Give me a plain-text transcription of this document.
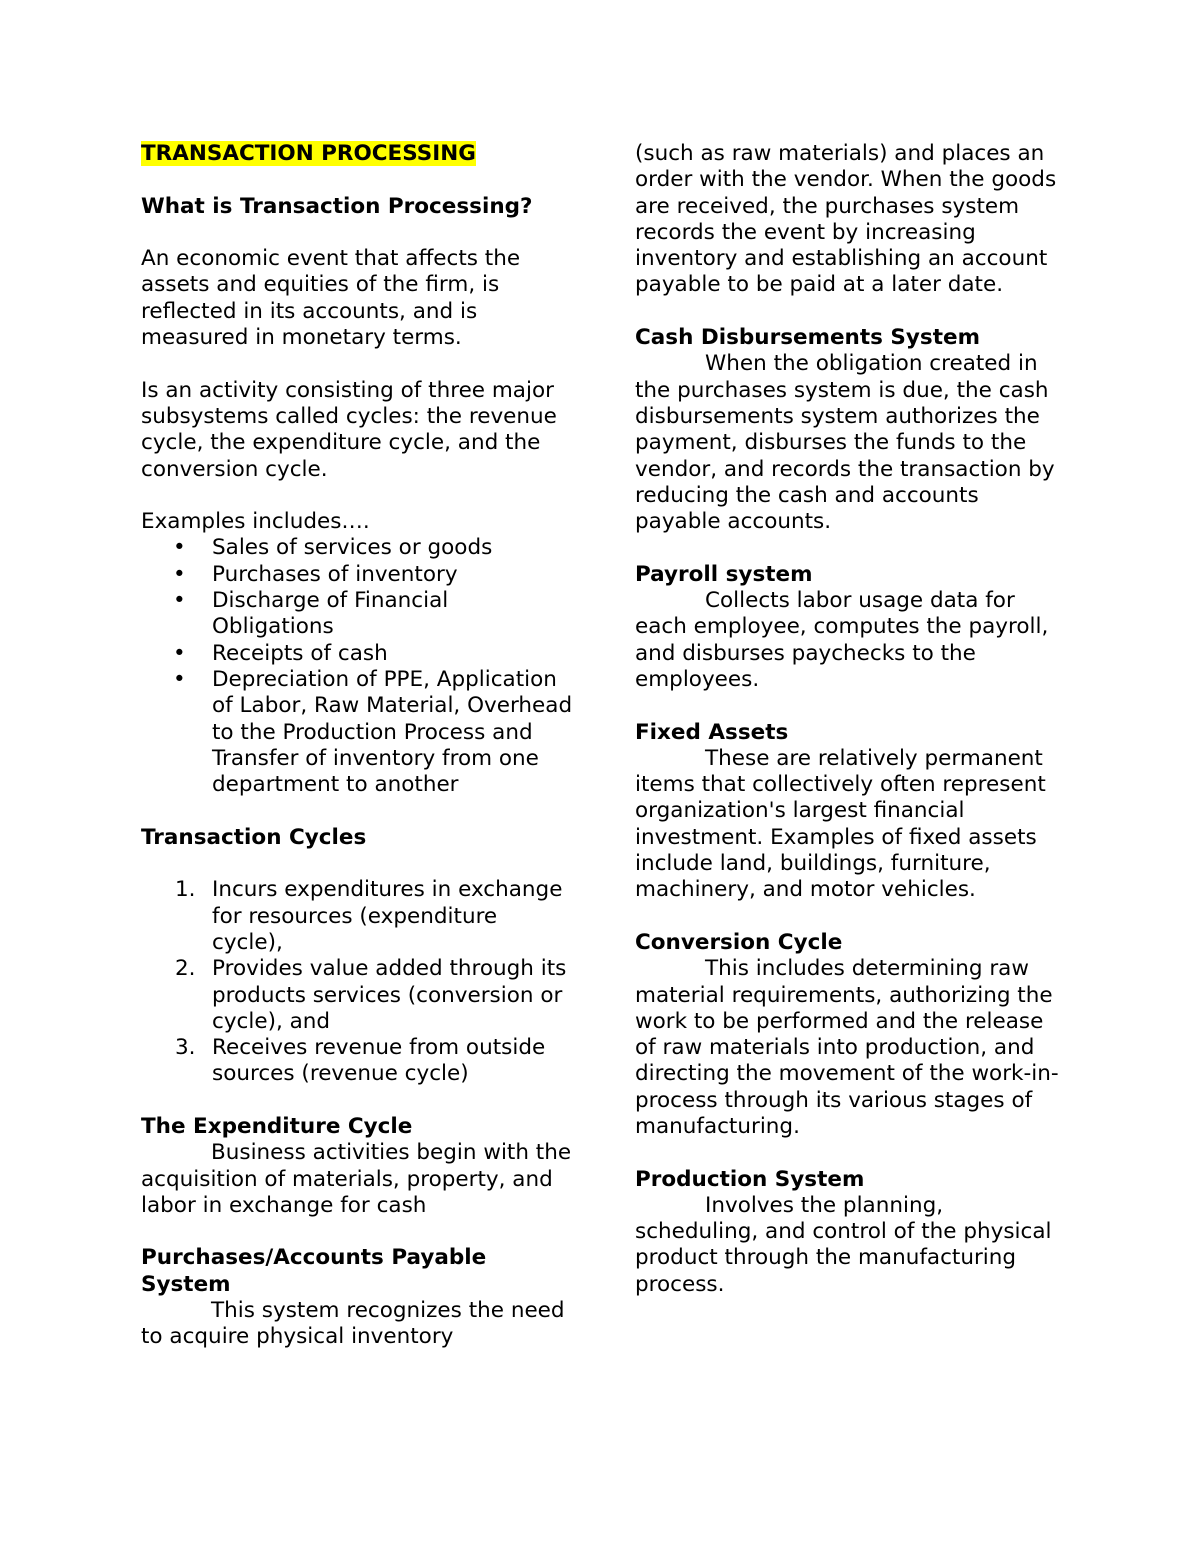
TRANSACTION PROCESSING

What is Transaction Processing?

An economic event that affects the assets and equities of the firm, is reflected in its accounts, and is measured in monetary terms.

Is an activity consisting of three major subsystems called cycles: the revenue cycle, the expenditure cycle, and the conversion cycle.

Examples includes….

• Sales of services or goods
• Purchases of inventory
• Discharge of Financial Obligations
• Receipts of cash
• Depreciation of PPE, Application of Labor, Raw Material, Overhead to the Production Process and Transfer of inventory from one department to another

Transaction Cycles

1. Incurs expenditures in exchange for resources (expenditure cycle),
2. Provides value added through its products services (conversion or cycle), and
3. Receives revenue from outside sources (revenue cycle)

The Expenditure Cycle

Business activities begin with the acquisition of materials, property, and labor in exchange for cash

Purchases/Accounts Payable System

This system recognizes the need to acquire physical inventory

(such as raw materials) and places an order with the vendor. When the goods are received, the purchases system records the event by increasing inventory and establishing an account payable to be paid at a later date.

Cash Disbursements System

When the obligation created in the purchases system is due, the cash disbursements system authorizes the payment, disburses the funds to the vendor, and records the transaction by reducing the cash and accounts payable accounts.

Payroll system

Collects labor usage data for each employee, computes the payroll, and disburses paychecks to the employees.

Fixed Assets

These are relatively permanent items that collectively often represent organization's largest financial investment. Examples of fixed assets include land, buildings, furniture, machinery, and motor vehicles.

Conversion Cycle

This includes determining raw material requirements, authorizing the work to be performed and the release of raw materials into production, and directing the movement of the work-in-process through its various stages of manufacturing.

Production System

Involves the planning, scheduling, and control of the physical product through the manufacturing process.
